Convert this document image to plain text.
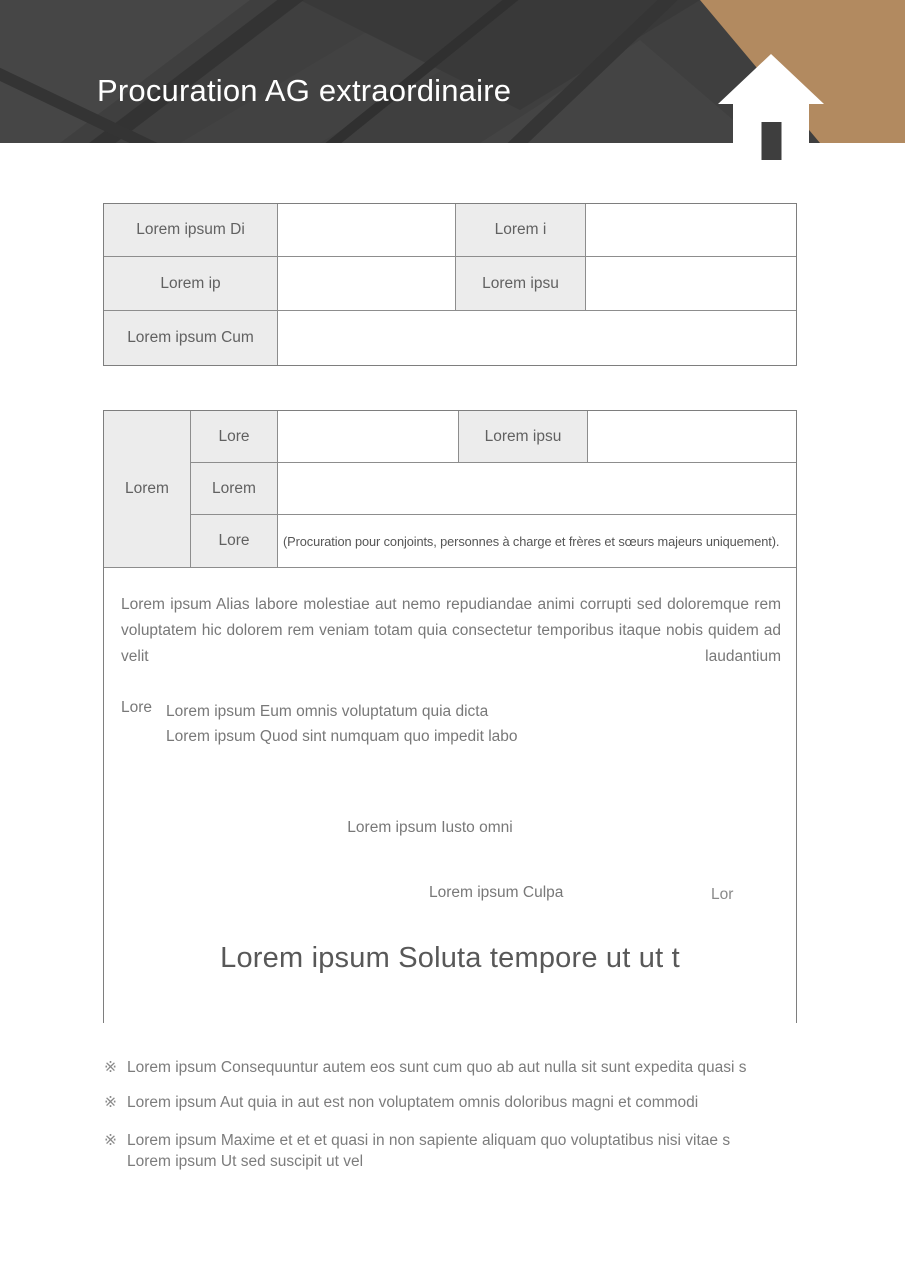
Procuration AG extraordinaire
Lorem ipsum Di	Lorem i
Lorem ip	Lorem ipsu
Lorem ipsum Cum
Lorem
Lore	Lorem ipsu
Lorem
Lore	(Procuration pour conjoints, personnes à charge et frères et sœurs majeurs uniquement).
Lorem ipsum Alias labore molestiae aut nemo repudiandae animi corrupti sed doloremque rem voluptatem hic dolorem rem veniam totam quia consectetur temporibus itaque nobis quidem ad velit laudantium
Lore Lorem ipsum Eum omnis voluptatum quia dicta
Lorem ipsum Quod sint numquam quo impedit labo
Lorem ipsum Iusto omni
Lorem ipsum Culpa	Lor
Lorem ipsum Soluta tempore ut ut t
※ Lorem ipsum Consequuntur autem eos sunt cum quo ab aut nulla sit sunt expedita quasi s
※ Lorem ipsum Aut quia in aut est non voluptatem omnis doloribus magni et commodi
※ Lorem ipsum Maxime et et et quasi in non sapiente aliquam quo voluptatibus nisi vitae s
Lorem ipsum Ut sed suscipit ut vel
